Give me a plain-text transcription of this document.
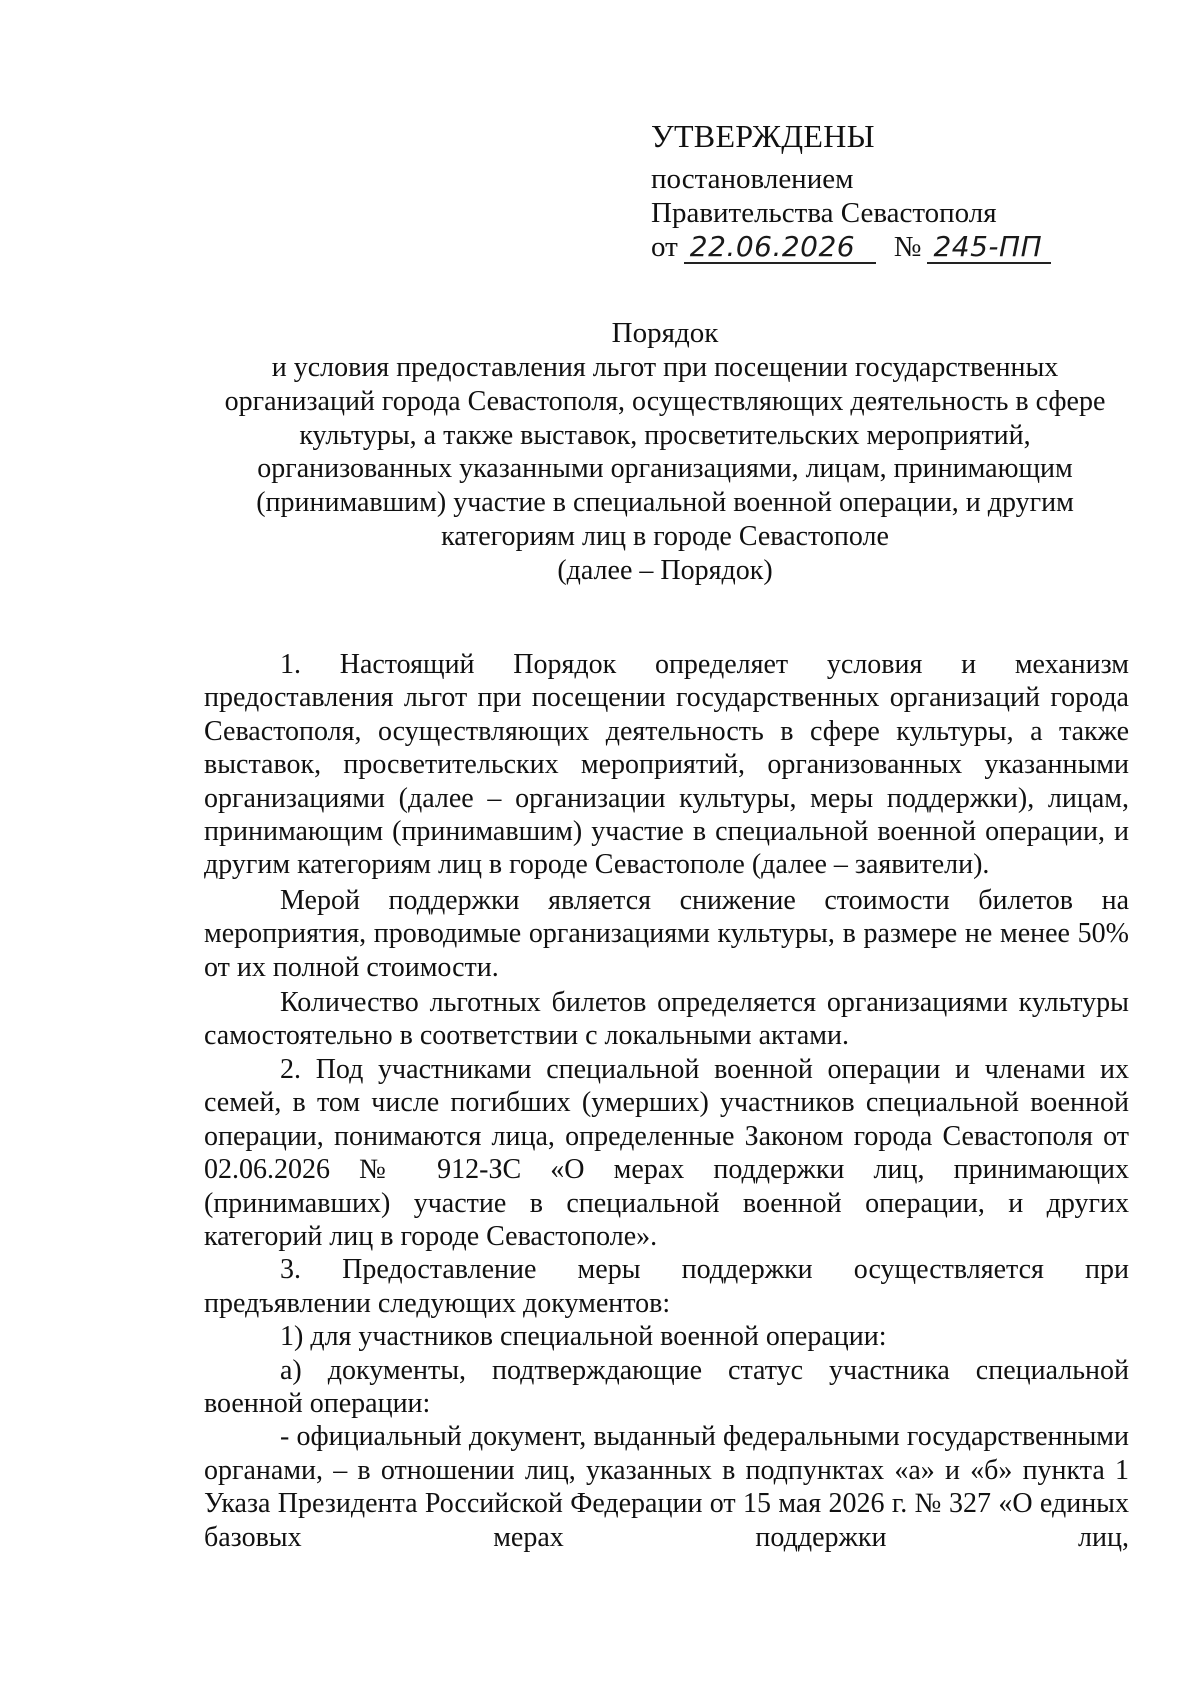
УТВЕРЖДЕНЫ
постановлением
Правительства Севастополя
от 22.06.2026	№ 245-ПП
Порядок
и условия предоставления льгот при посещении государственных
организаций города Севастополя, осуществляющих деятельность в сфере
культуры, а также выставок, просветительских мероприятий,
организованных указанными организациями, лицам, принимающим
(принимавшим) участие в специальной военной операции, и другим
категориям лиц в городе Севастополе
(далее – Порядок)

1. Настоящий Порядок определяет условия и механизм предоставления льгот при посещении государственных организаций города Севастополя, осуществляющих деятельность в сфере культуры, а также выставок, просветительских мероприятий, организованных указанными организациями (далее – организации культуры, меры поддержки), лицам, принимающим (принимавшим) участие в специальной военной операции, и другим категориям лиц в городе Севастополе (далее – заявители).

Мерой поддержки является снижение стоимости билетов на мероприятия, проводимые организациями культуры, в размере не менее 50% от их полной стоимости.

Количество льготных билетов определяется организациями культуры самостоятельно в соответствии с локальными актами.

2. Под участниками специальной военной операции и членами их семей, в том числе погибших (умерших) участников специальной военной операции, понимаются лица, определенные Законом города Севастополя от 02.06.2026 № 912-ЗС «О мерах поддержки лиц, принимающих (принимавших) участие в специальной военной операции, и других категорий лиц в городе Севастополе».

3. Предоставление меры поддержки осуществляется при предъявлении следующих документов:

1) для участников специальной военной операции:

а) документы, подтверждающие статус участника специальной военной операции:

- официальный документ, выданный федеральными государственными органами, – в отношении лиц, указанных в подпунктах «а» и «б» пункта 1 Указа Президента Российской Федерации от 15 мая 2026 г. № 327 «О единых базовых мерах поддержки лиц,
